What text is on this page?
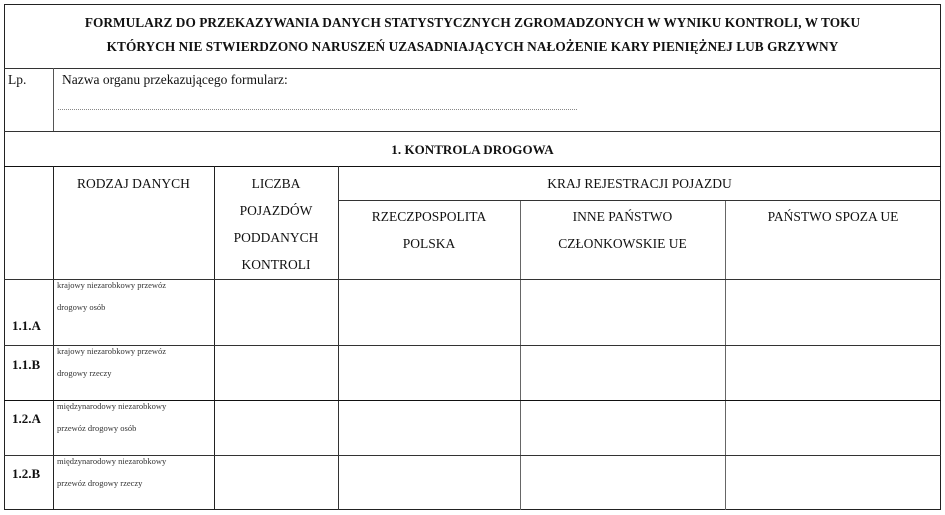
FORMULARZ DO PRZEKAZYWANIA DANYCH STATYSTYCZNYCH ZGROMADZONYCH W WYNIKU KONTROLI, W TOKU
KTÓRYCH NIE STWIERDZONO NARUSZEŃ UZASADNIAJĄCYCH NAŁOŻENIE KARY PIENIĘŻNEJ LUB GRZYWNY
Lp.	Nazwa organu przekazującego formularz:
1. KONTROLA DROGOWA
RODZAJ DANYCH	LICZBA
POJAZDÓW
PODDANYCH
KONTROLI
KRAJ REJESTRACJI POJAZDU
RZECZPOSPOLITA
POLSKA
INNE PAŃSTWO
CZŁONKOWSKIE UE
PAŃSTWO SPOZA UE
1.1.A
krajowy niezarobkowy przewóz
drogowy osób
1.1.B
krajowy niezarobkowy przewóz
drogowy rzeczy
1.2.A
międzynarodowy niezarobkowy
przewóz drogowy osób
1.2.B
międzynarodowy niezarobkowy
przewóz drogowy rzeczy
